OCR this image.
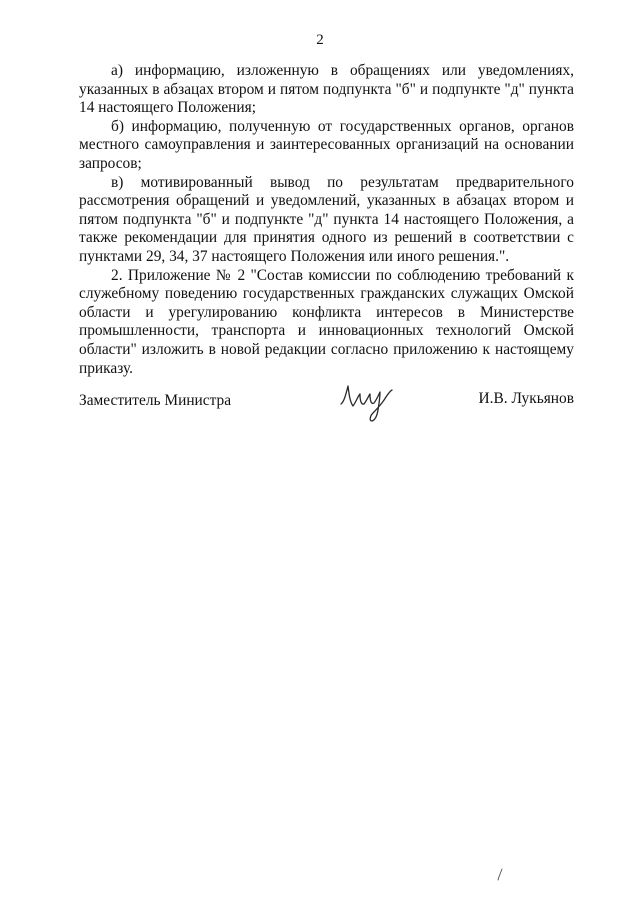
2

а) информацию, изложенную в обращениях или уведомлениях, указанных в абзацах втором и пятом подпункта "б" и подпункте "д" пункта 14 настоящего Положения;

б) информацию, полученную от государственных органов, органов местного самоуправления и заинтересованных организаций на основании запросов;

в) мотивированный вывод по результатам предварительного рассмотрения обращений и уведомлений, указанных в абзацах втором и пятом подпункта "б" и подпункте "д" пункта 14 настоящего Положения, а также рекомендации для принятия одного из решений в соответствии с пунктами 29, 34, 37 настоящего Положения или иного решения.".

2. Приложение № 2 "Состав комиссии по соблюдению требований к служебному поведению государственных гражданских служащих Омской области и урегулированию конфликта интересов в Министерстве промышленности, транспорта и инновационных технологий Омской области" изложить в новой редакции согласно приложению к настоящему приказу.

Заместитель Министра	И.В. Лукьянов
